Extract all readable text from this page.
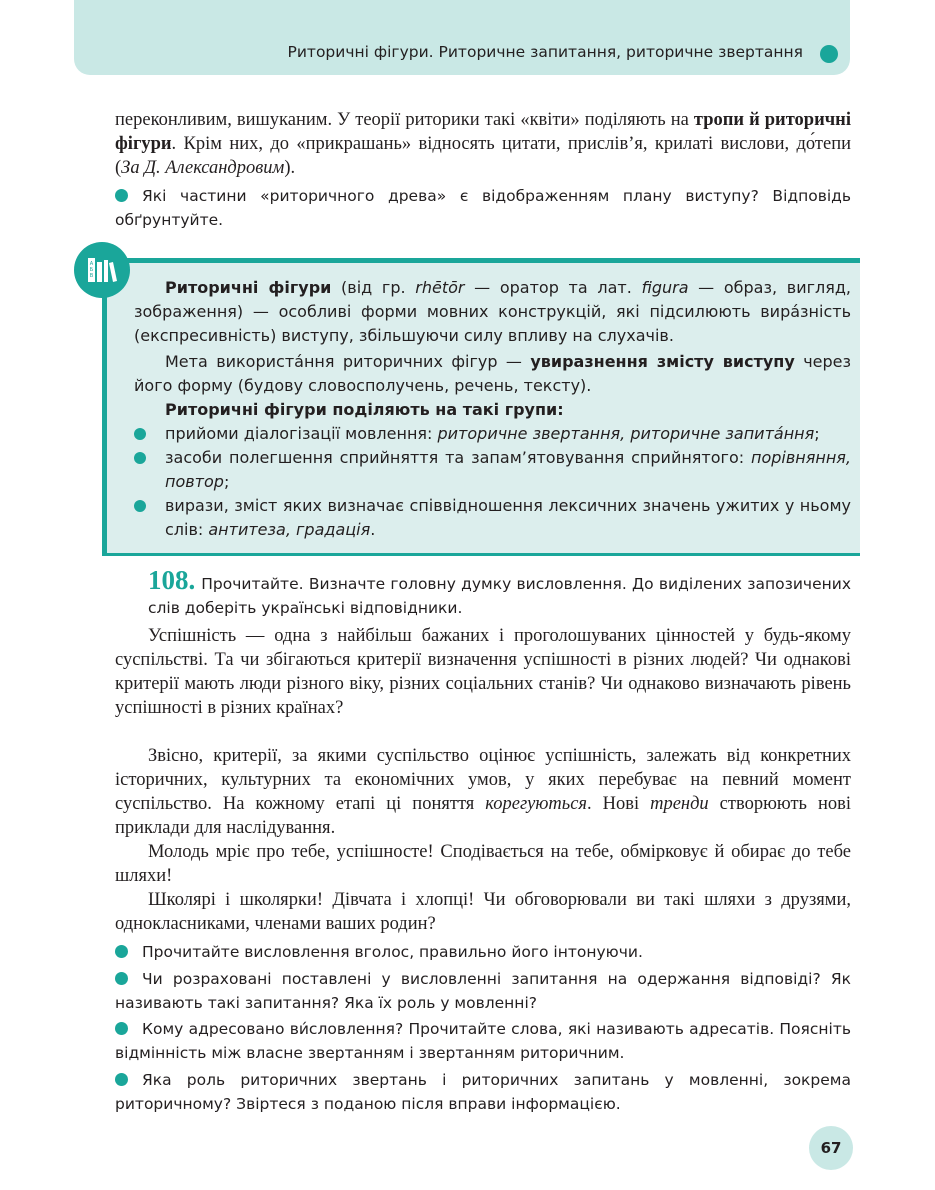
Риторичні фігури. Риторичне запитання, риторичне звертання
переконливим, вишуканим. У теорії риторики такі «квіти» поділяють на тропи й риторичні фігури. Крім них, до «прикрашань» відносять цитати, прислів’я, крилаті вислови, до́тепи (За Д. Александровим).
Які частини «риторичного древа» є відображенням плану виступу? Відповідь обґрунтуйте.
А
Б
В
Риторичні фігури (від гр. rhētōr — оратор та лат. figura — образ, вигляд, зображення) — особливі форми мовних конструкцій, які підсилюють вира́зність (експресивність) виступу, збільшуючи силу впливу на слухачів.
Мета використа́ння риторичних фігур — увиразнення змісту виступу через його форму (будову словосполучень, речень, тексту).
Риторичні фігури поділяють на такі групи:
прийоми діалогізації мовлення: риторичне звертання, риторичне запита́ння;
засоби полегшення сприйняття та запам’ятовування сприйнятого: порівняння, повтор;
вирази, зміст яких визначає співвідношення лексичних значень ужитих у ньому слів: антитеза, градація.
108. Прочитайте. Визначте головну думку висловлення. До виділених запозичених слів доберіть українські відповідники.
Успішність — одна з найбільш бажаних і проголошуваних цінностей у будь-якому суспільстві. Та чи збігаються критерії визначення успішності в різних людей? Чи однакові критерії мають люди різного віку, різних соціальних станів? Чи однаково визначають рівень успішності в різних країнах?
Звісно, критерії, за якими суспільство оцінює успішність, залежать від конкретних історичних, культурних та економічних умов, у яких перебуває на певний момент суспільство. На кожному етапі ці поняття корегуються. Нові тренди створюють нові приклади для наслідування.
Молодь мріє про тебе, успішносте! Сподівається на тебе, обмірковує й обирає до тебе шляхи!
Школярі і школярки! Дівчата і хлопці! Чи обговорювали ви такі шляхи з друзями, однокласниками, членами ваших родин?
Прочитайте висловлення вголос, правильно його інтонуючи.
Чи розраховані поставлені у висловленні запитання на одержання відповіді? Як називають такі запитання? Яка їх роль у мовленні?
Кому адресовано ви́словлення? Прочитайте слова, які називають адресатів. Поясніть відмінність між власне звертанням і звертанням риторичним.
Яка роль риторичних звертань і риторичних запитань у мовленні, зокрема риторичному? Звіртеся з поданою після вправи інформацією.
67
